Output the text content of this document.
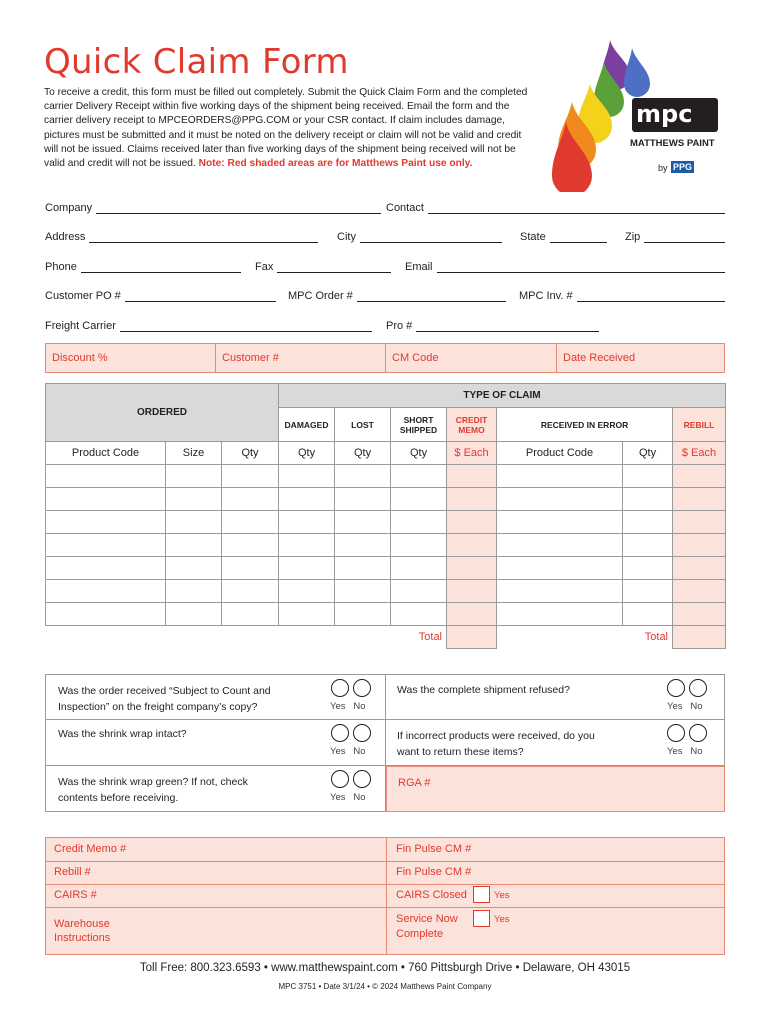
Quick Claim Form
To receive a credit, this form must be filled out completely. Submit the Quick Claim Form and the completed carrier Delivery Receipt within five working days of the shipment being received. Email the form and the carrier delivery receipt to MPCEORDERS@PPG.COM or your CSR contact. If claim includes damage, pictures must be submitted and it must be noted on the delivery receipt or claim will not be valid and credit will not be issued. Claims received later than five working days of the shipment being received will not be valid and credit will not be issued. Note: Red shaded areas are for Matthews Paint use only.
mpc
MATTHEWS PAINT
by PPG
Company	Contact
Address	City	State	Zip
Phone	Fax	Email
Customer PO #	MPC Order #	MPC Inv. #
Freight Carrier	Pro #
Discount %	Customer #	CM Code	Date Received
ORDERED			TYPE OF CLAIM						
			DAMAGED	LOST	SHORT SHIPPED	CREDIT MEMO	RECEIVED IN ERROR		REBILL
Product Code	Size	Qty	Qty	Qty	Qty	$ Each	Product Code	Qty	$ Each

Total							Total		
Was the order received “Subject to Count and Inspection” on the freight company’s copy?	Yes No
Was the shrink wrap intact?
Yes No
Was the shrink wrap green? If not, check contents before receiving.	Yes No
Was the complete shipment refused?
Yes No
If incorrect products were received, do you want to return these items?	Yes No
RGA #
Credit Memo #	Fin Pulse CM #
Rebill #	Fin Pulse CM #
CAIRS #	CAIRS Closed	Yes
Warehouse Instructions
Service Now Complete
Yes
Toll Free: 800.323.6593 • www.matthewspaint.com • 760 Pittsburgh Drive • Delaware, OH 43015
MPC 3751 • Date 3/1/24 • © 2024 Matthews Paint Company
